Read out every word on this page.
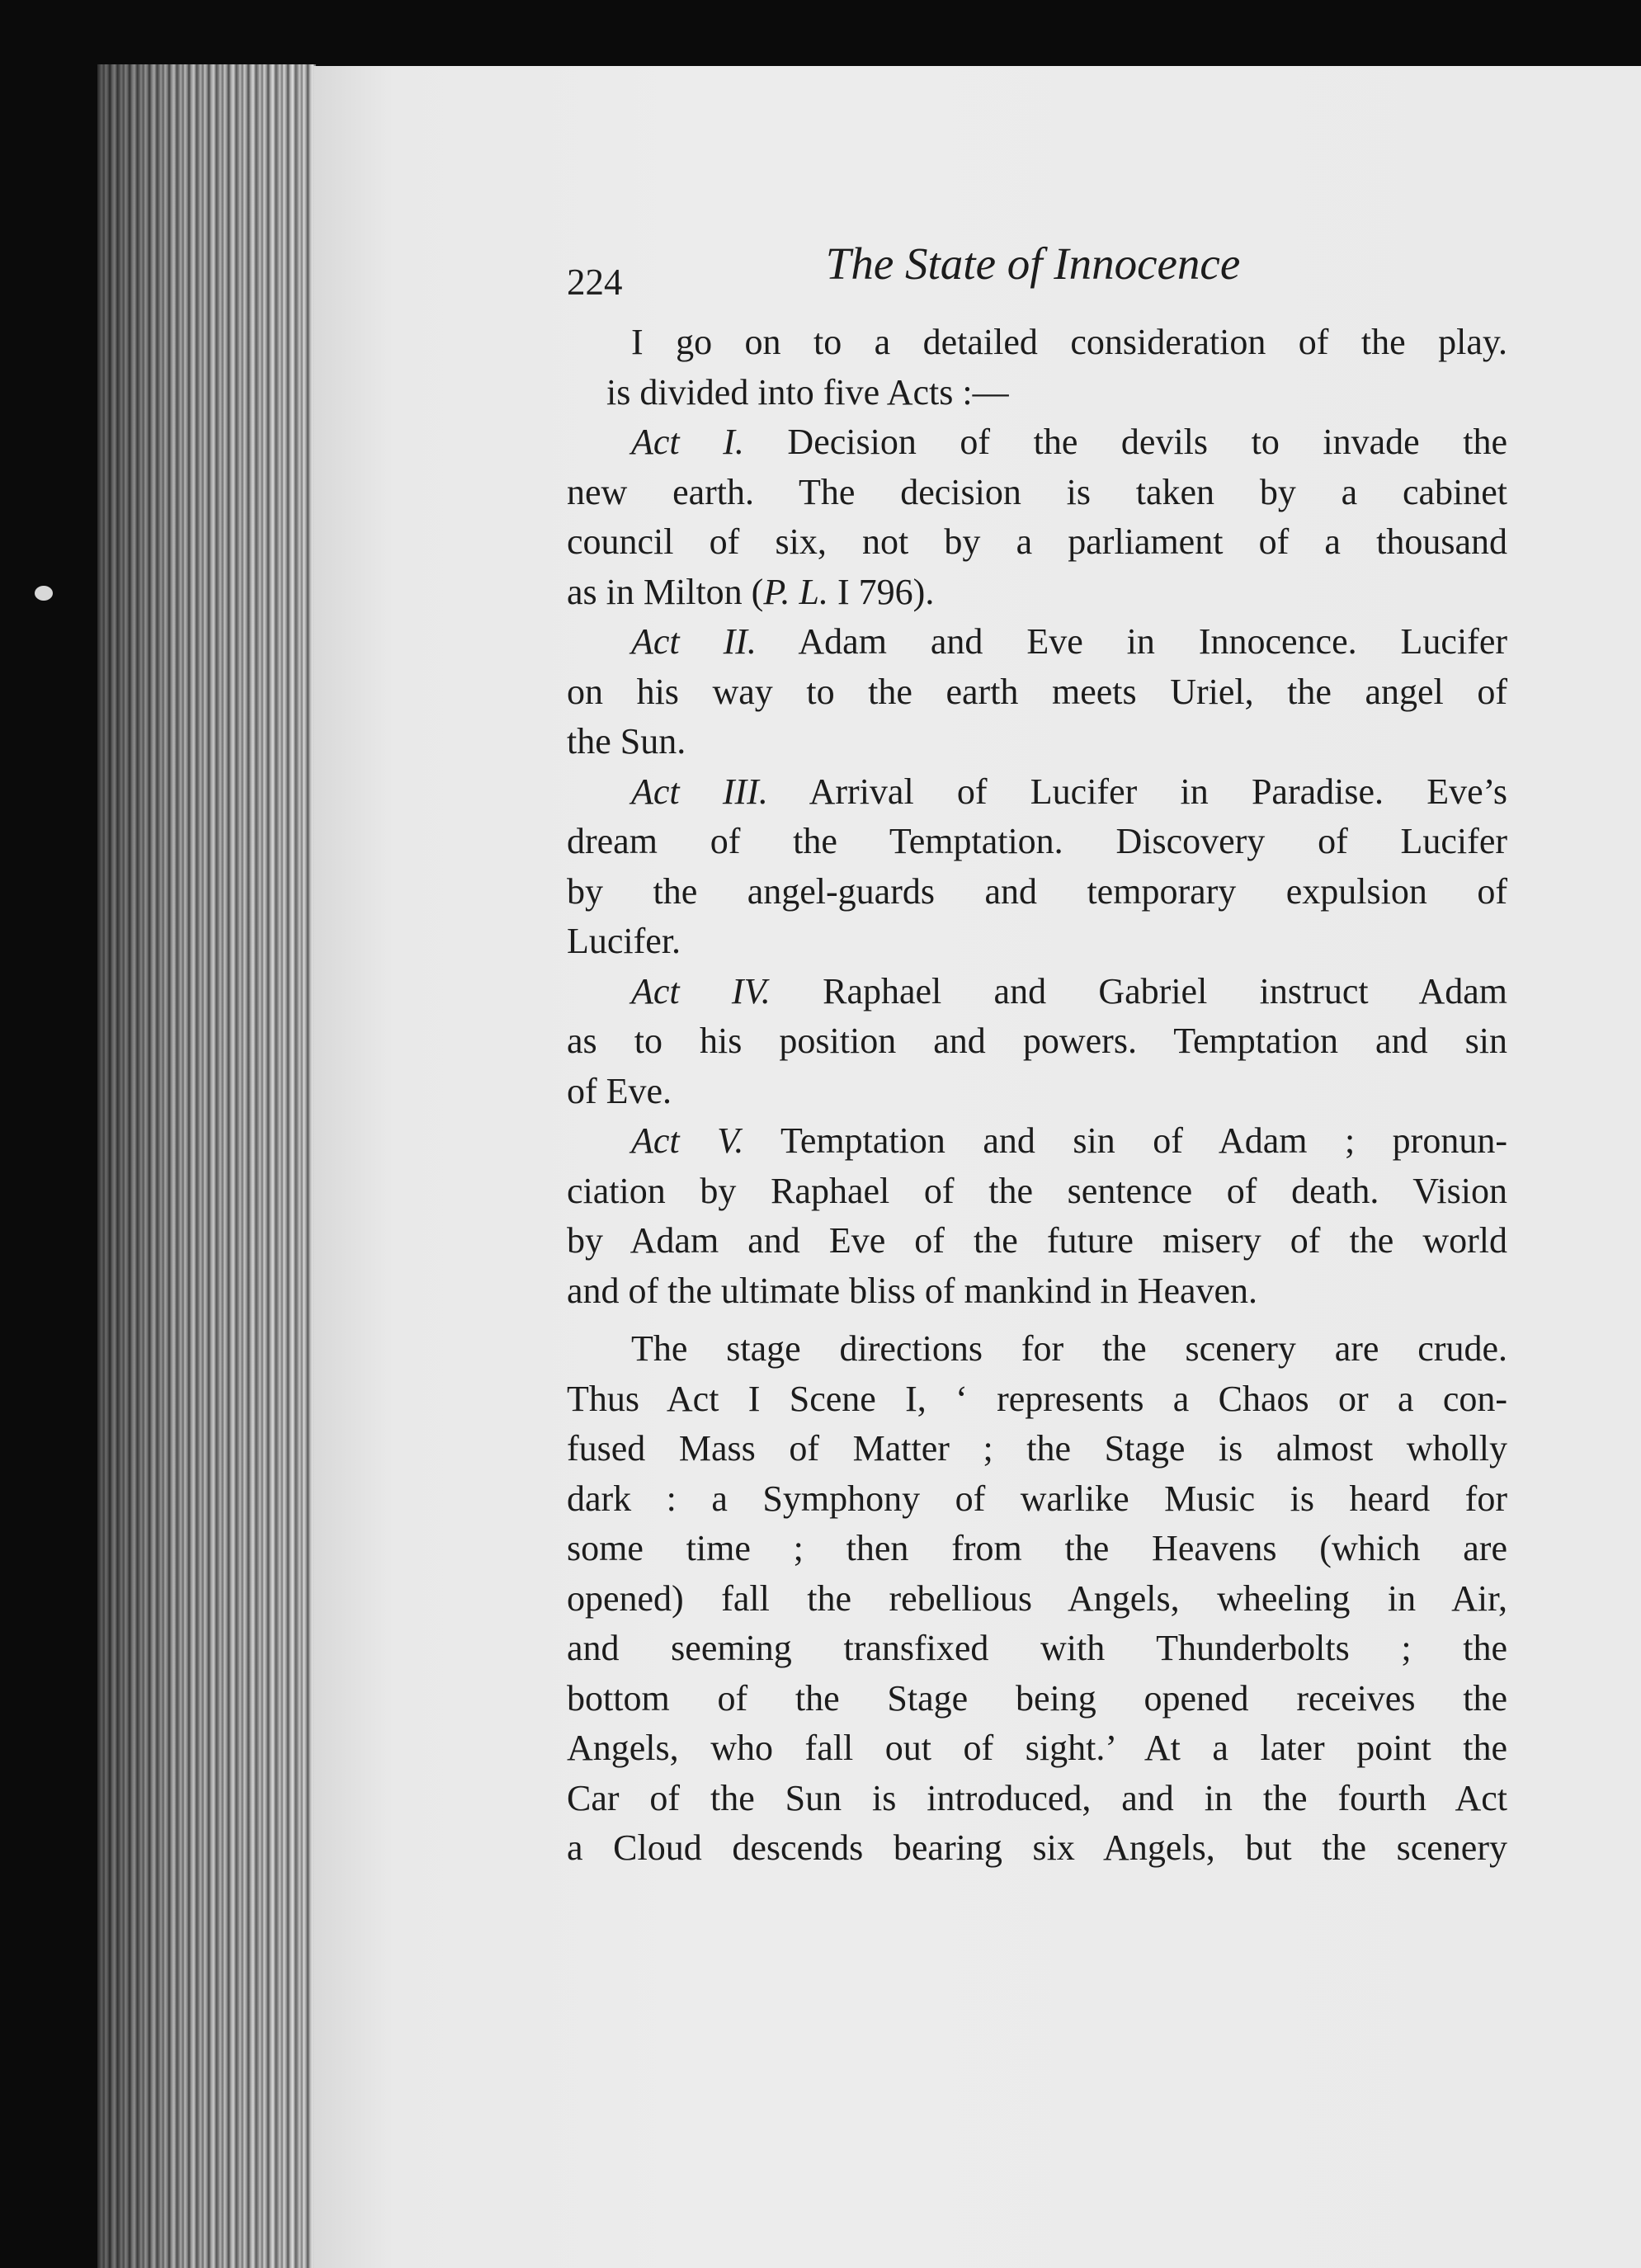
224	The State of Innocence

I go on to a detailed consideration of the play.
is divided into five Acts :—

Act I. Decision of the devils to invade the
new earth. The decision is taken by a cabinet
council of six, not by a parliament of a thousand
as in Milton (P. L. I 796).

Act II. Adam and Eve in Innocence. Lucifer
on his way to the earth meets Uriel, the angel of
the Sun.

Act III. Arrival of Lucifer in Paradise. Eve’s
dream of the Temptation. Discovery of Lucifer
by the angel-guards and temporary expulsion of
Lucifer.

Act IV. Raphael and Gabriel instruct Adam
as to his position and powers. Temptation and sin
of Eve.

Act V. Temptation and sin of Adam ; pronun-
ciation by Raphael of the sentence of death. Vision
by Adam and Eve of the future misery of the world
and of the ultimate bliss of mankind in Heaven.

The stage directions for the scenery are crude.
Thus Act I Scene I, ‘ represents a Chaos or a con-
fused Mass of Matter ; the Stage is almost wholly
dark : a Symphony of warlike Music is heard for
some time ; then from the Heavens (which are
opened) fall the rebellious Angels, wheeling in Air,
and seeming transfixed with Thunderbolts ; the
bottom of the Stage being opened receives the
Angels, who fall out of sight.’ At a later point the
Car of the Sun is introduced, and in the fourth Act
a Cloud descends bearing six Angels, but the scenery
